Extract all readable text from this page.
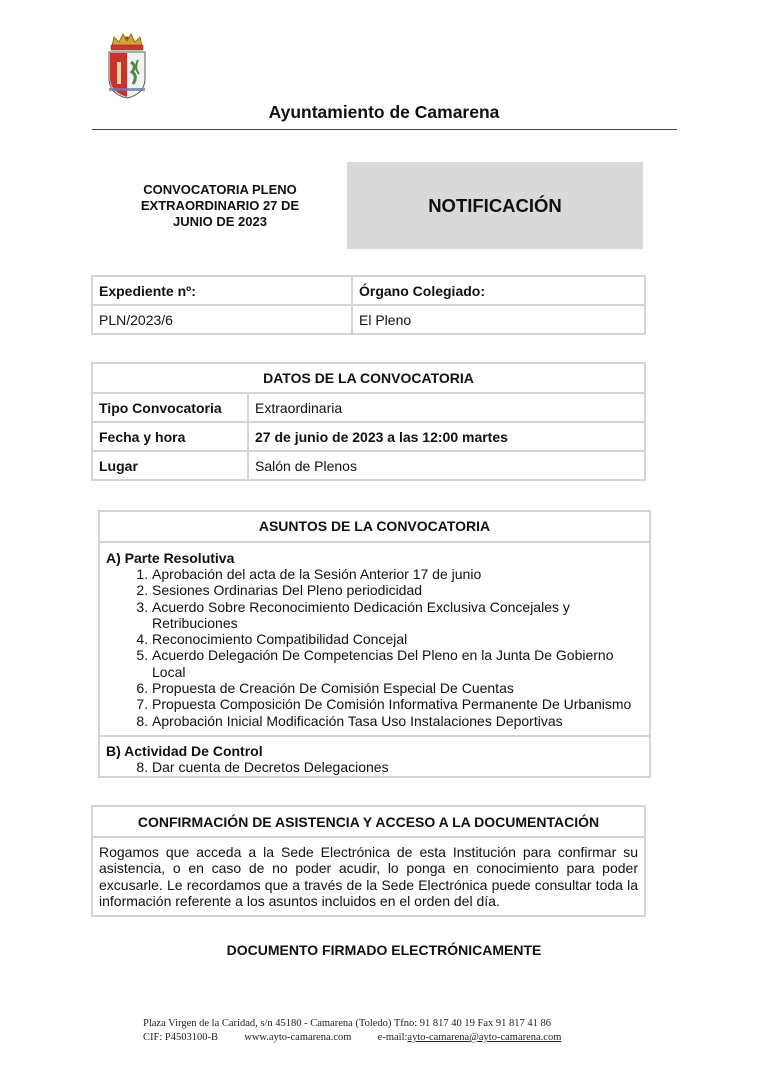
Ayuntamiento de Camarena
CONVOCATORIA PLENO
EXTRAORDINARIO 27 DE
JUNIO DE 2023
NOTIFICACIÓN
Expediente nº:	Órgano Colegiado:
PLN/2023/6	El Pleno
DATOS DE LA CONVOCATORIA	
Tipo Convocatoria	Extraordinaria
Fecha y hora	27 de junio de 2023 a las 12:00 martes
Lugar	Salón de Plenos
ASUNTOS DE LA CONVOCATORIA
A) Parte Resolutiva
1. Aprobación del acta de la Sesión Anterior 17 de junio
2. Sesiones Ordinarias Del Pleno periodicidad
3. Acuerdo Sobre Reconocimiento Dedicación Exclusiva Concejales y Retribuciones
4. Reconocimiento Compatibilidad Concejal
5. Acuerdo Delegación De Competencias Del Pleno en la Junta De Gobierno Local
6. Propuesta de Creación De Comisión Especial De Cuentas
7. Propuesta Composición De Comisión Informativa Permanente De Urbanismo
8. Aprobación Inicial Modificación Tasa Uso Instalaciones Deportivas
B) Actividad De Control
8. Dar cuenta de Decretos Delegaciones
CONFIRMACIÓN DE ASISTENCIA Y ACCESO A LA DOCUMENTACIÓN
Rogamos que acceda a la Sede Electrónica de esta Institución para confirmar su asistencia, o en caso de no poder acudir, lo ponga en conocimiento para poder excusarle. Le recordamos que a través de la Sede Electrónica puede consultar toda la información referente a los asuntos incluidos en el orden del día.
DOCUMENTO FIRMADO ELECTRÓNICAMENTE
Plaza Virgen de la Caridad, s/n 45180 - Camarena (Toledo) Tfno: 91 817 40 19 Fax 91 817 41 86
CIF: P4503100-B	www.ayto-camarena.com	e-mail:ayto-camarena@ayto-camarena.com
